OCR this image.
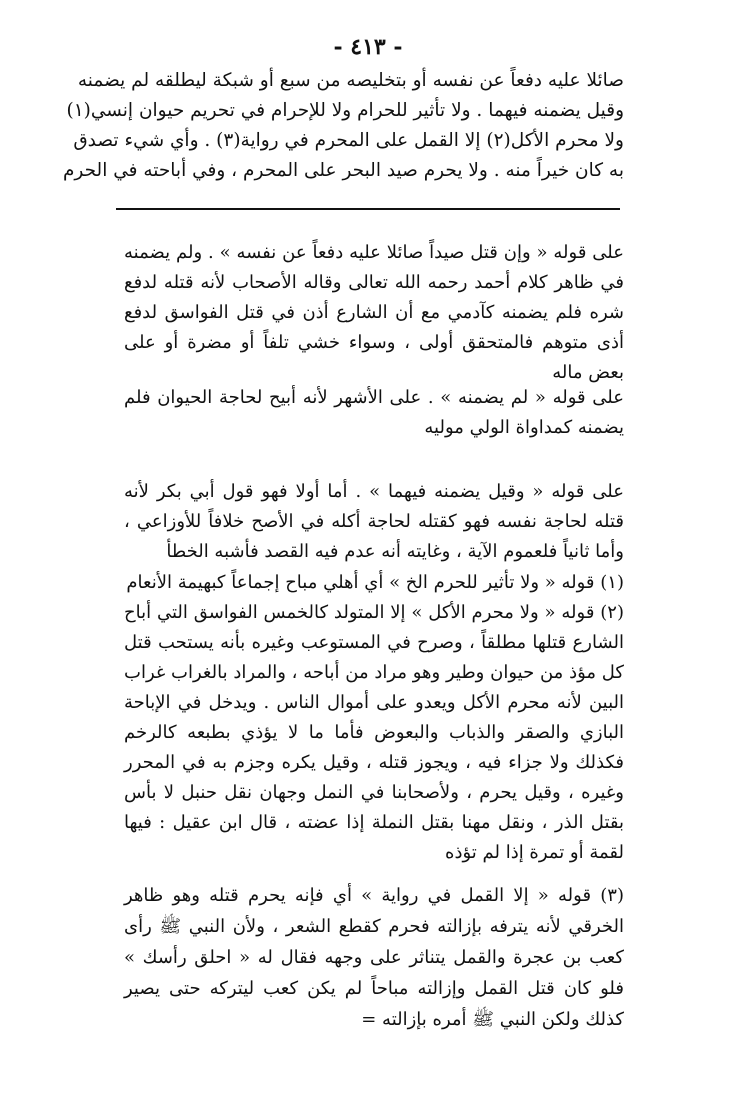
- ٤١٣ -
صائلا عليه دفعاً عن نفسه أو بتخليصه من سبع أو شبكة ليطلقه لم يضمنه
وقيل يضمنه فيهما . ولا تأثير للحرام ولا للإحرام في تحريم حيوان إنسي(١)
ولا محرم الأكل(٢) إلا القمل على المحرم في رواية(٣) . وأي شيء تصدق
به كان خيراً منه . ولا يحرم صيد البحر على المحرم ، وفي أباحته في الحرم
على قوله « وإن قتل صيداً صائلا عليه دفعاً عن نفسه » . ولم يضمنه في ظاهر كلام أحمد رحمه الله تعالى وقاله الأصحاب لأنه قتله لدفع شره فلم يضمنه كآدمي مع أن الشارع أذن في قتل الفواسق لدفع أذى متوهم فالمتحقق أولى ، وسواء خشي تلفاً أو مضرة أو على بعض ماله
على قوله « لم يضمنه » . على الأشهر لأنه أبيح لحاجة الحيوان فلم يضمنه كمداواة الولي موليه
على قوله « وقيل يضمنه فيهما » . أما أولا فهو قول أبي بكر لأنه قتله لحاجة نفسه فهو كقتله لحاجة أكله في الأصح خلافاً للأوزاعي ، وأما ثانياً فلعموم الآية ، وغايته أنه عدم فيه القصد فأشبه الخطأ
(١) قوله « ولا تأثير للحرم الخ » أي أهلي مباح إجماعاً كبهيمة الأنعام
(٢) قوله « ولا محرم الأكل » إلا المتولد كالخمس الفواسق التي أباح الشارع قتلها مطلقاً ، وصرح في المستوعب وغيره بأنه يستحب قتل كل مؤذ من حيوان وطير وهو مراد من أباحه ، والمراد بالغراب غراب البين لأنه محرم الأكل ويعدو على أموال الناس . ويدخل في الإباحة البازي والصقر والذباب والبعوض فأما ما لا يؤذي بطبعه كالرخم فكذلك ولا جزاء فيه ، ويجوز قتله ، وقيل يكره وجزم به في المحرر وغيره ، وقيل يحرم ، ولأصحابنا في النمل وجهان نقل حنبل لا بأس بقتل الذر ، ونقل مهنا بقتل النملة إذا عضته ، قال ابن عقيل : فيها لقمة أو تمرة إذا لم تؤذه
(٣) قوله « إلا القمل في رواية » أي فإنه يحرم قتله وهو ظاهر الخرقي لأنه يترفه بإزالته فحرم كقطع الشعر ، ولأن النبي ﷺ رأى كعب بن عجرة والقمل يتناثر على وجهه فقال له « احلق رأسك » فلو كان قتل القمل وإزالته مباحاً لم يكن كعب ليتركه حتى يصير كذلك ولكن النبي ﷺ أمره بإزالته =
